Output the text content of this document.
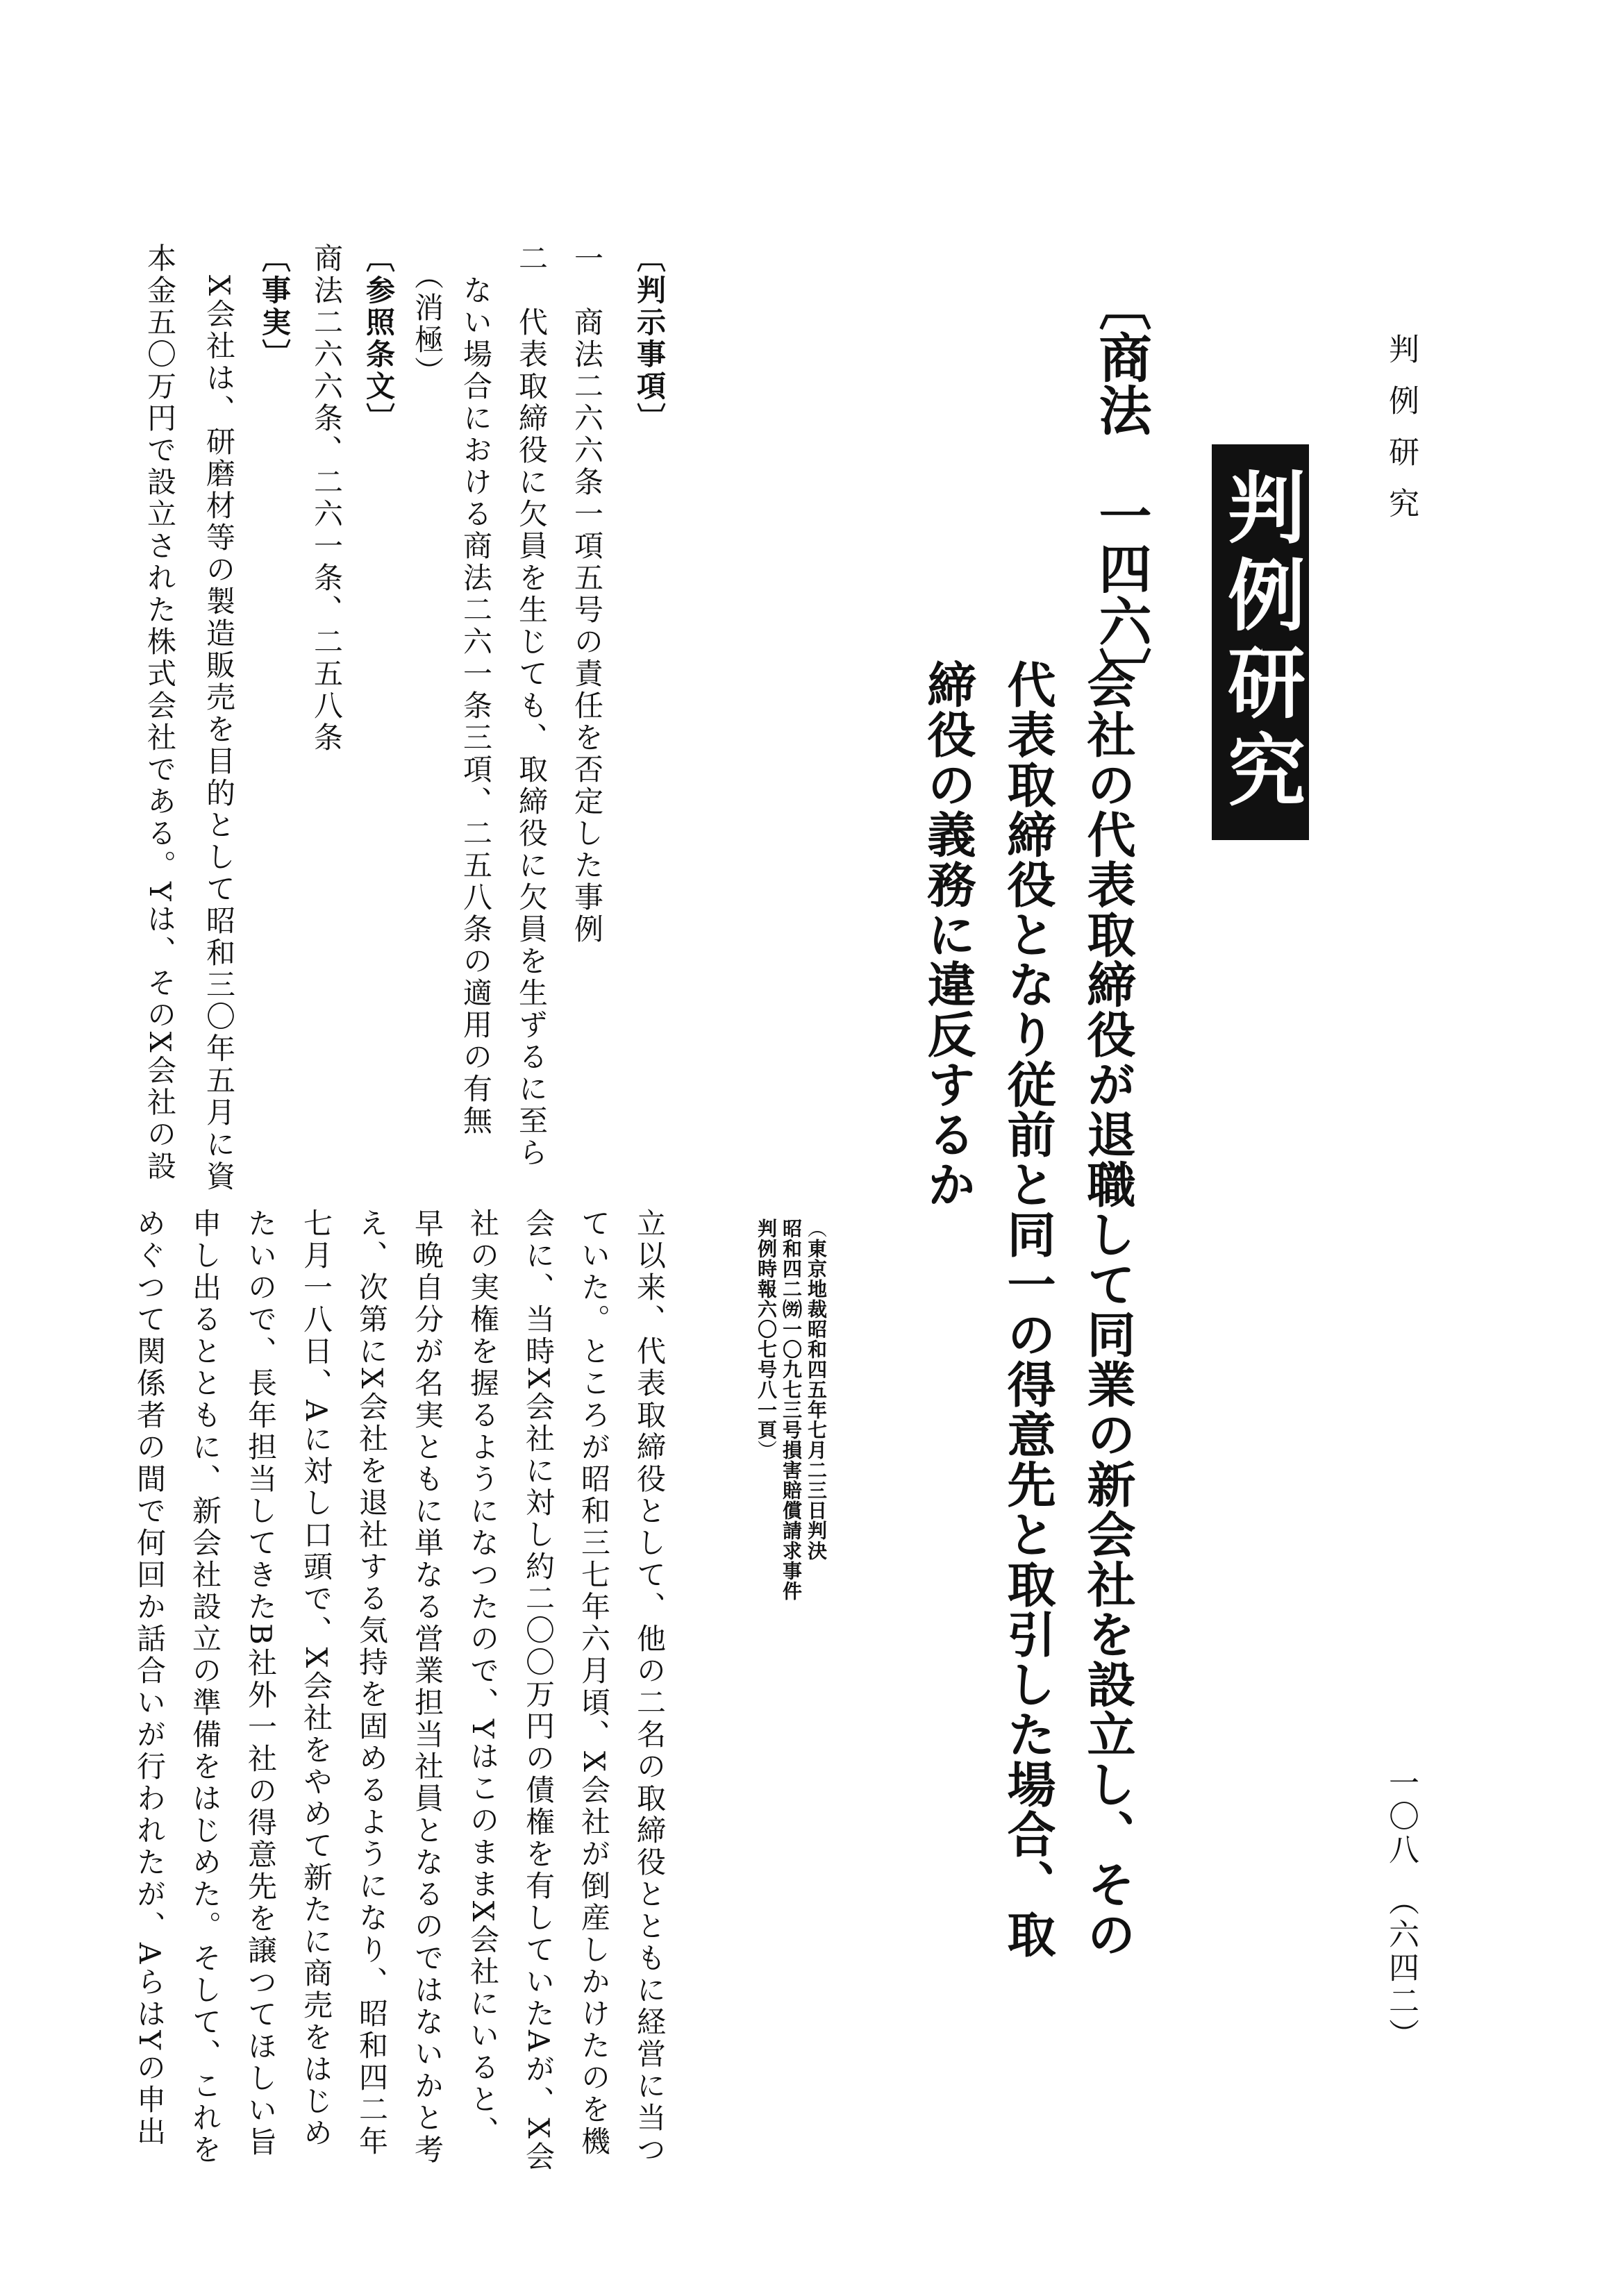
判例研究
一〇八　（六四二）
判例研究
〔商法　一四六〕
会社の代表取締役が退職して同業の新会社を設立し、その
代表取締役となり従前と同一の得意先と取引した場合、取
締役の義務に違反するか
（東京地裁昭和四五年七月二三日判決
昭和四二㈸一〇九七三号損害賠償請求事件
判例時報六〇七号八一頁）
〔判示事項〕
一　商法二六六条一項五号の責任を否定した事例
二　代表取締役に欠員を生じても、取締役に欠員を生ずるに至ら
　ない場合における商法二六一条三項、二五八条の適用の有無
　（消極）
〔参照条文〕
商法二六六条、二六一条、二五八条
〔事実〕
　X会社は、研磨材等の製造販売を目的として昭和三〇年五月に資
本金五〇万円で設立された株式会社である。Yは、そのX会社の設
立以来、代表取締役として、他の二名の取締役とともに経営に当つ
ていた。ところが昭和三七年六月頃、X会社が倒産しかけたのを機
会に、当時X会社に対し約二〇〇万円の債権を有していたAが、X会
社の実権を握るようになつたので、YはこのままX会社にいると、
早晩自分が名実ともに単なる営業担当社員となるのではないかと考
え、次第にX会社を退社する気持を固めるようになり、昭和四二年
七月一八日、Aに対し口頭で、X会社をやめて新たに商売をはじめ
たいので、長年担当してきたB社外一社の得意先を譲つてほしい旨
申し出るとともに、新会社設立の準備をはじめた。そして、これを
めぐつて関係者の間で何回か話合いが行われたが、AらはYの申出
